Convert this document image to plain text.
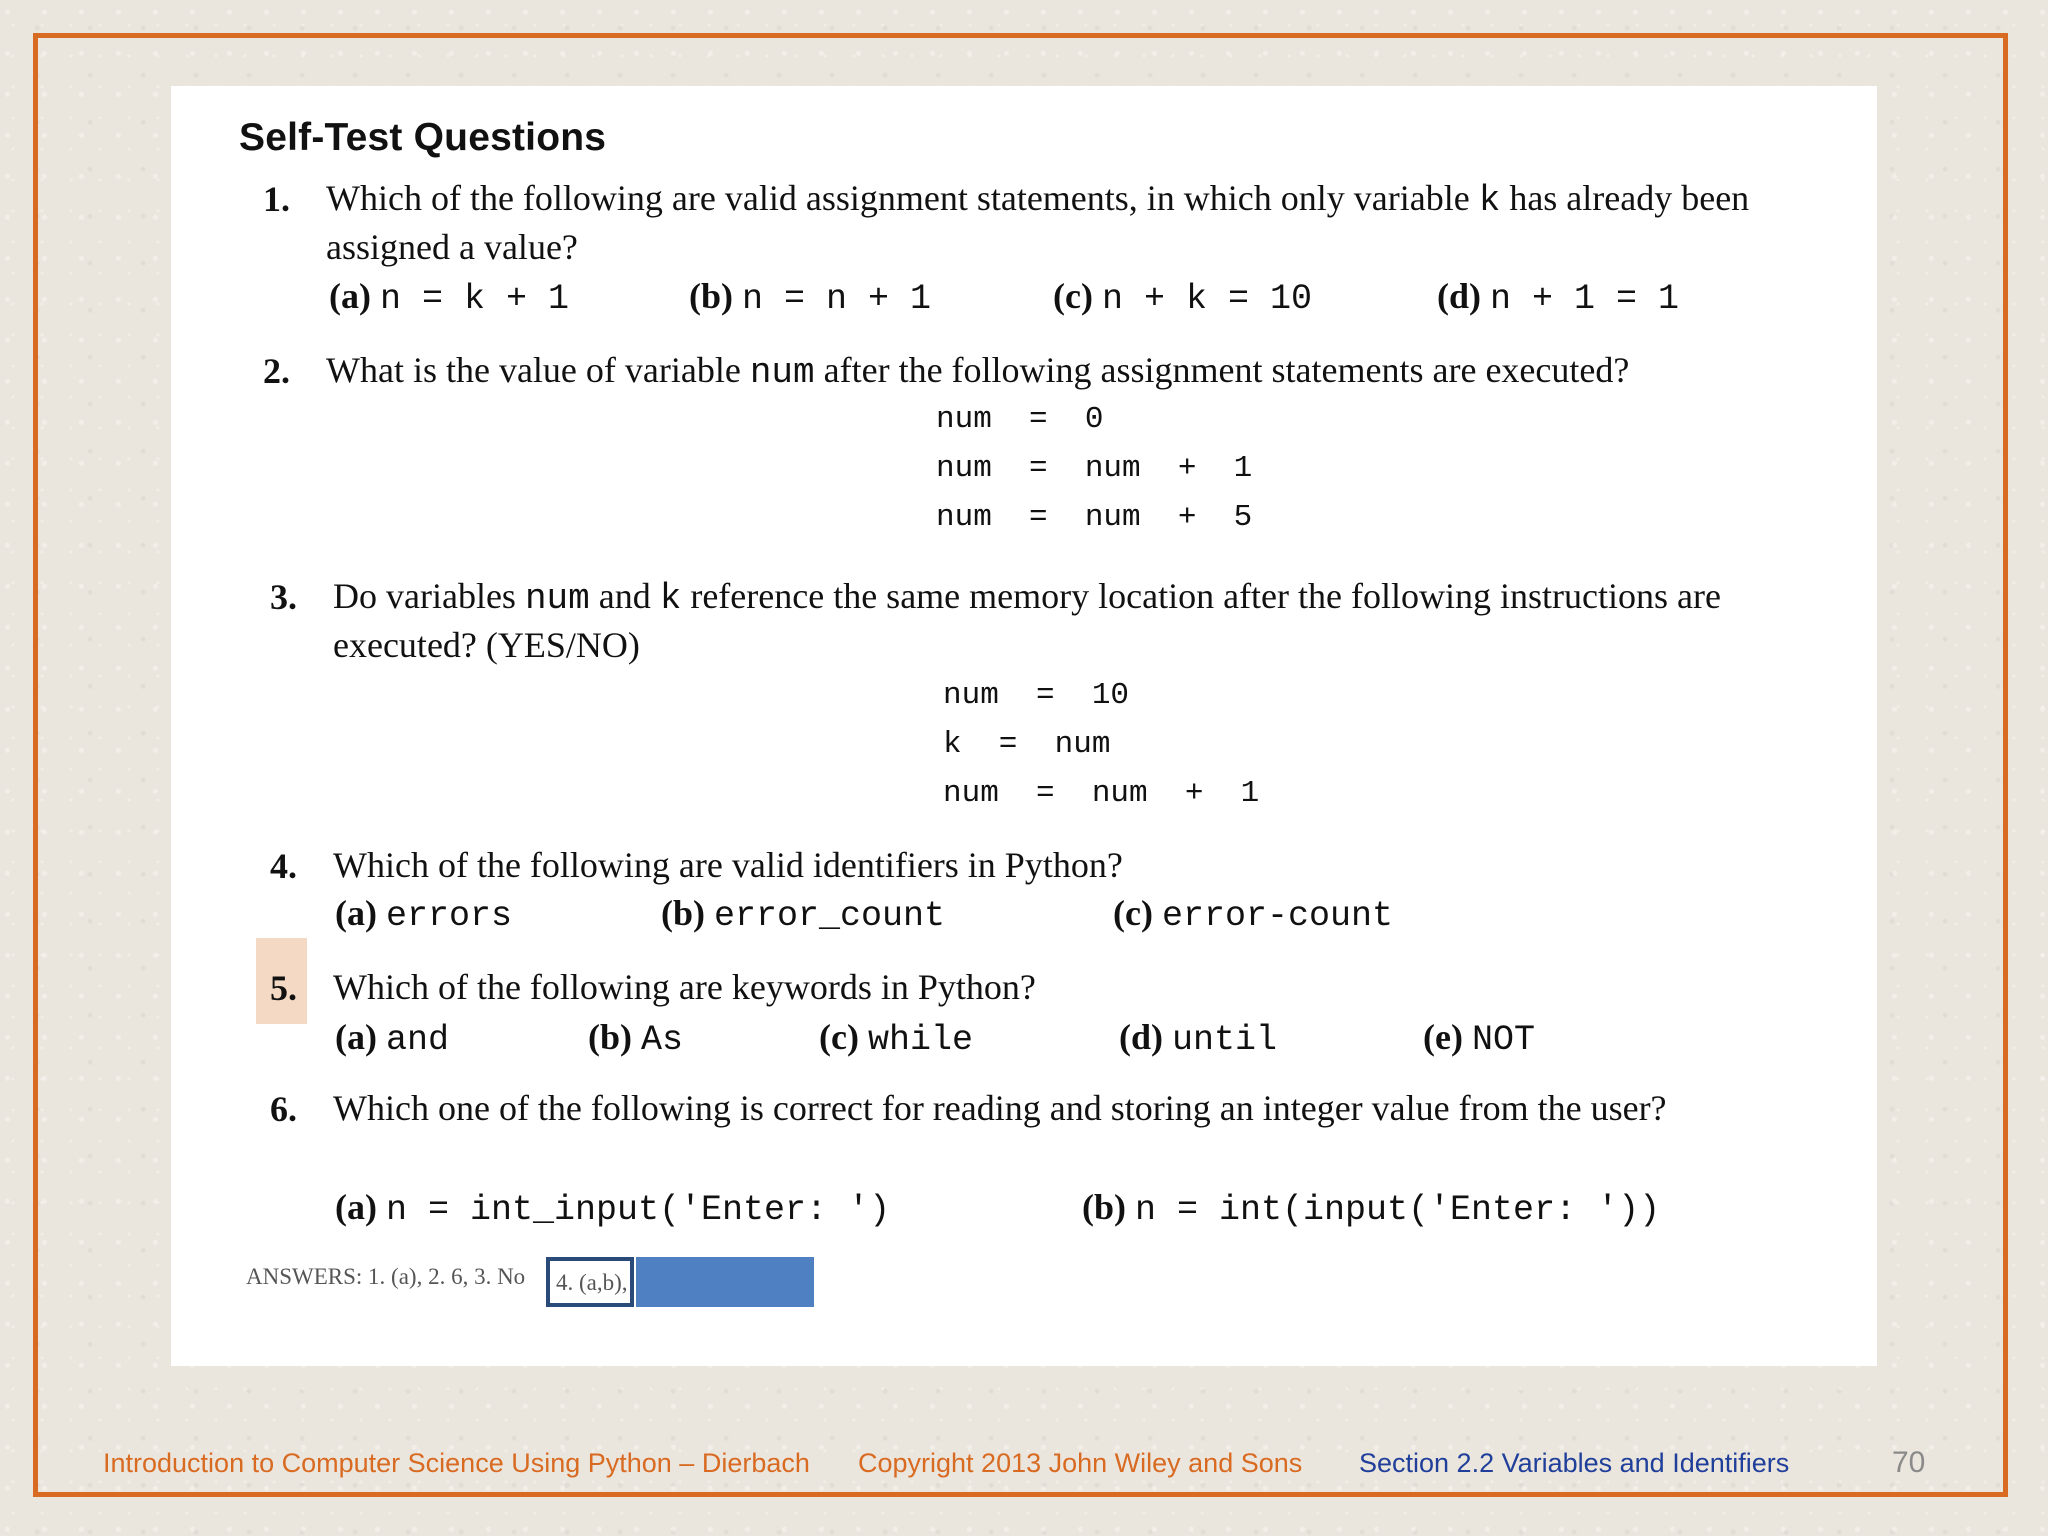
Self-Test Questions
1. Which of the following are valid assignment statements, in which only variable k has already been assigned a value?
(a) n = k + 1	(b) n = n + 1	(c) n + k = 10	(d) n + 1 = 1
2. What is the value of variable num after the following assignment statements are executed?
num  =  0
num  =  num  +  1
num  =  num  +  5
3. Do variables num and k reference the same memory location after the following instructions are executed? (YES/NO)
num  =  10
k  =  num
num  =  num  +  1
4. Which of the following are valid identifiers in Python?
(a) errors	(b) error_count	(c) error-count
5. Which of the following are keywords in Python?
(a) and	(b) As	(c) while	(d) until	(e) NOT
6. Which one of the following is correct for reading and storing an integer value from the user?
(a) n = int_input('Enter: ')	(b) n = int(input('Enter: '))
ANSWERS: 1. (a), 2. 6, 3. No 4. (a,b),
Introduction to Computer Science Using Python – Dierbach Copyright 2013 John Wiley and Sons Section 2.2 Variables and Identifiers	70
